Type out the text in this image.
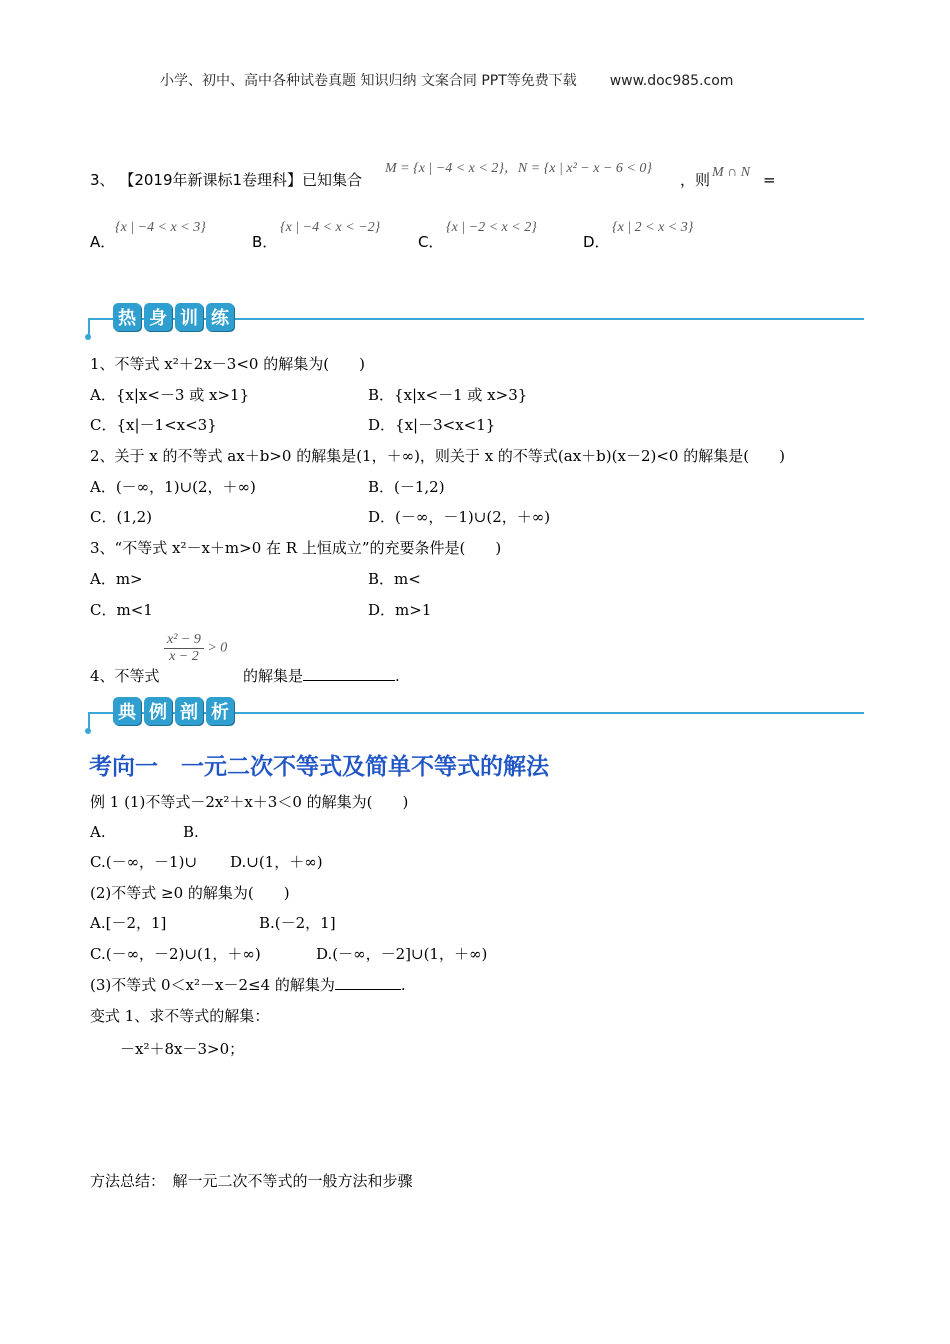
小学、初中、高中各种试卷真题 知识归纳 文案合同 PPT等免费下载 www.doc985.com
3、 【2019年新课标1卷理科】已知集合
M = {x | −4 < x < 2}，N = {x | x² − x − 6 < 0}
，则 M ∩ N =
A．
{x | −4 < x < 3}
B．
{x | −4 < x < −2}
C．
{x | −2 < x < 2}
D．
{x | 2 < x < 3}
热 身 训 练
1、不等式 x²＋2x－3<0 的解集为(　　)
A．{x|x<－3 或 x>1}	B．{x|x<－1 或 x>3}
C．{x|－1<x<3}	D．{x|－3<x<1}
2、关于 x 的不等式 ax＋b>0 的解集是(1，＋∞)，则关于 x 的不等式(ax＋b)(x－2)<0 的解集是(　　)
A．(－∞，1)∪(2，＋∞)	B．(－1,2)
C．(1,2)	D．(－∞，－1)∪(2，＋∞)
3、“不等式 x²－x＋m>0 在 R 上恒成立”的充要条件是(　　)
A．m>	B．m<
C．m<1	D．m>1
4、不等式
$\frac{\text{x² − 9}}{x - 2} > 0$
的解集是	.
典 例 剖 析
考向一　一元二次不等式及简单不等式的解法
例 1 (1)不等式－2x²＋x＋3＜0 的解集为(　　)
A.	B.
C.(－∞，－1)∪ D.∪(1，＋∞)
(2)不等式 ≥0 的解集为(　　)
A.[－2，1]	B.(－2，1]
C.(－∞，－2)∪(1，＋∞)	D.(－∞，－2]∪(1，＋∞)
(3)不等式 0＜x²－x－2≤4 的解集为	.
变式 1、求不等式的解集：
－x²＋8x－3>0；
方法总结：　解一元二次不等式的一般方法和步骤
